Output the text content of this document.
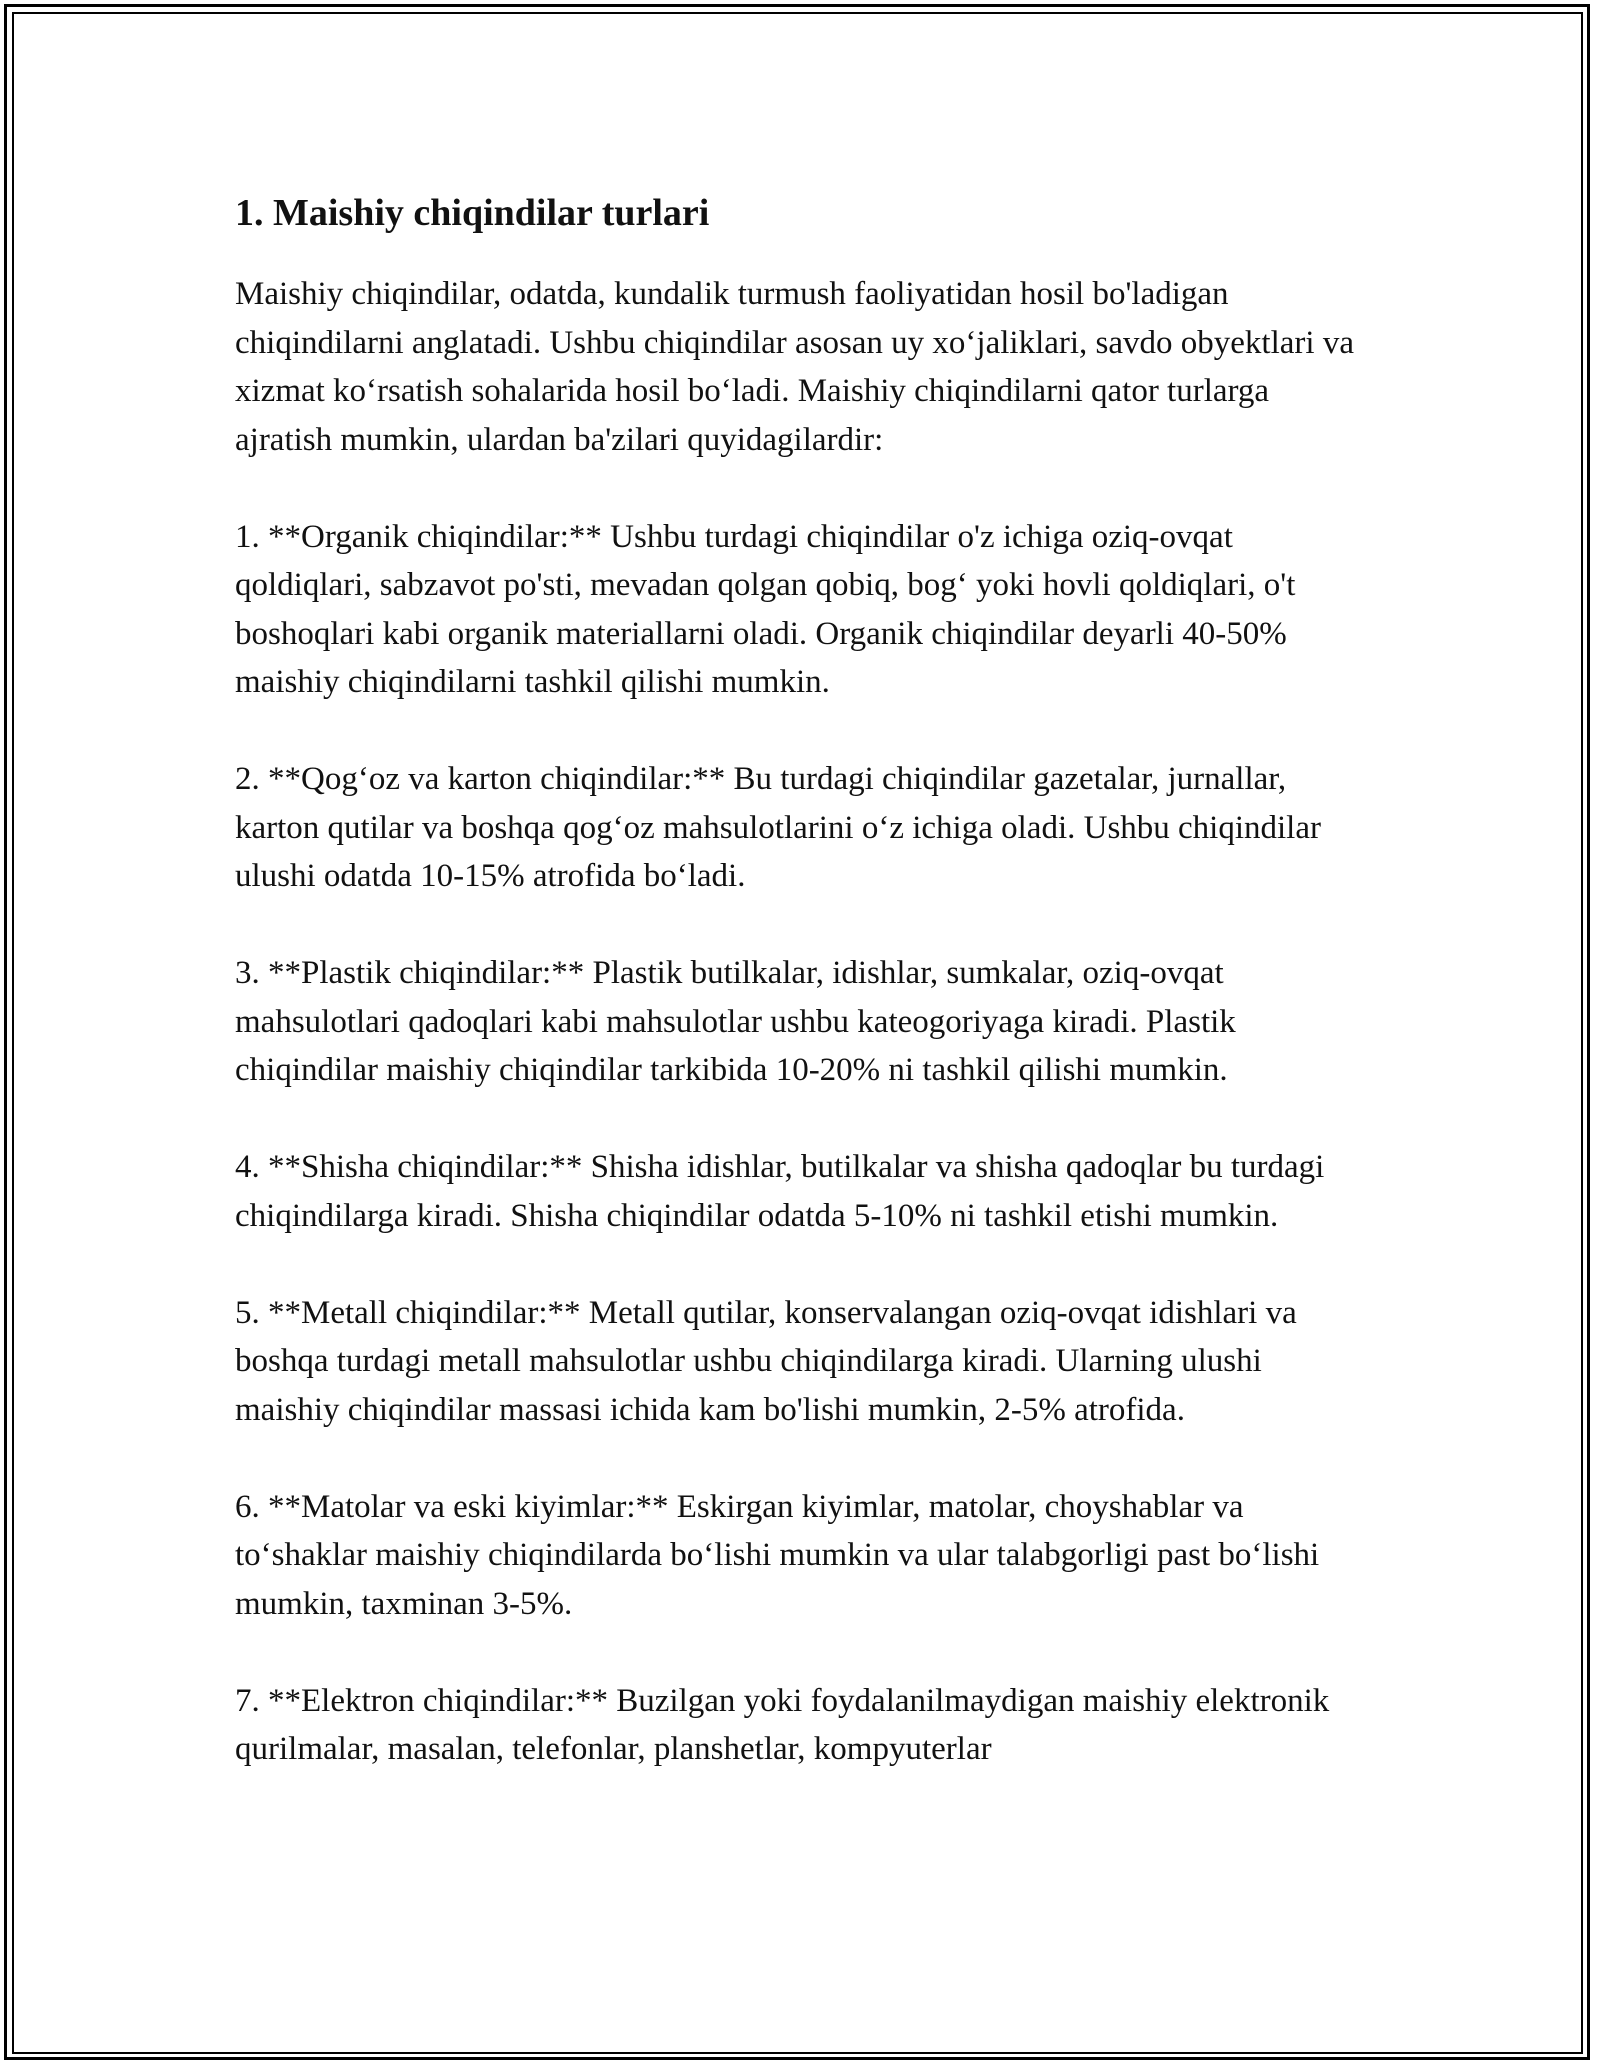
1. Maishiy chiqindilar turlari

Maishiy chiqindilar, odatda, kundalik turmush faoliyatidan hosil bo'ladigan chiqindilarni anglatadi. Ushbu chiqindilar asosan uy xo‘jaliklari, savdo obyektlari va xizmat ko‘rsatish sohalarida hosil bo‘ladi. Maishiy chiqindilarni qator turlarga ajratish mumkin, ulardan ba'zilari quyidagilardir:

1. **Organik chiqindilar:** Ushbu turdagi chiqindilar o'z ichiga oziq-ovqat qoldiqlari, sabzavot po'sti, mevadan qolgan qobiq, bog‘ yoki hovli qoldiqlari, o't boshoqlari kabi organik materiallarni oladi. Organik chiqindilar deyarli 40-50% maishiy chiqindilarni tashkil qilishi mumkin.

2. **Qog‘oz va karton chiqindilar:** Bu turdagi chiqindilar gazetalar, jurnallar, karton qutilar va boshqa qog‘oz mahsulotlarini o‘z ichiga oladi. Ushbu chiqindilar ulushi odatda 10-15% atrofida bo‘ladi.

3. **Plastik chiqindilar:** Plastik butilkalar, idishlar, sumkalar, oziq-ovqat mahsulotlari qadoqlari kabi mahsulotlar ushbu kateogoriyaga kiradi. Plastik chiqindilar maishiy chiqindilar tarkibida 10-20% ni tashkil qilishi mumkin.

4. **Shisha chiqindilar:** Shisha idishlar, butilkalar va shisha qadoqlar bu turdagi chiqindilarga kiradi. Shisha chiqindilar odatda 5-10% ni tashkil etishi mumkin.

5. **Metall chiqindilar:** Metall qutilar, konservalangan oziq-ovqat idishlari va boshqa turdagi metall mahsulotlar ushbu chiqindilarga kiradi. Ularning ulushi maishiy chiqindilar massasi ichida kam bo'lishi mumkin, 2-5% atrofida.

6. **Matolar va eski kiyimlar:** Eskirgan kiyimlar, matolar, choyshablar va to‘shaklar maishiy chiqindilarda bo‘lishi mumkin va ular talabgorligi past bo‘lishi mumkin, taxminan 3-5%.

7. **Elektron chiqindilar:** Buzilgan yoki foydalanilmaydigan maishiy elektronik qurilmalar, masalan, telefonlar, planshetlar, kompyuterlar
